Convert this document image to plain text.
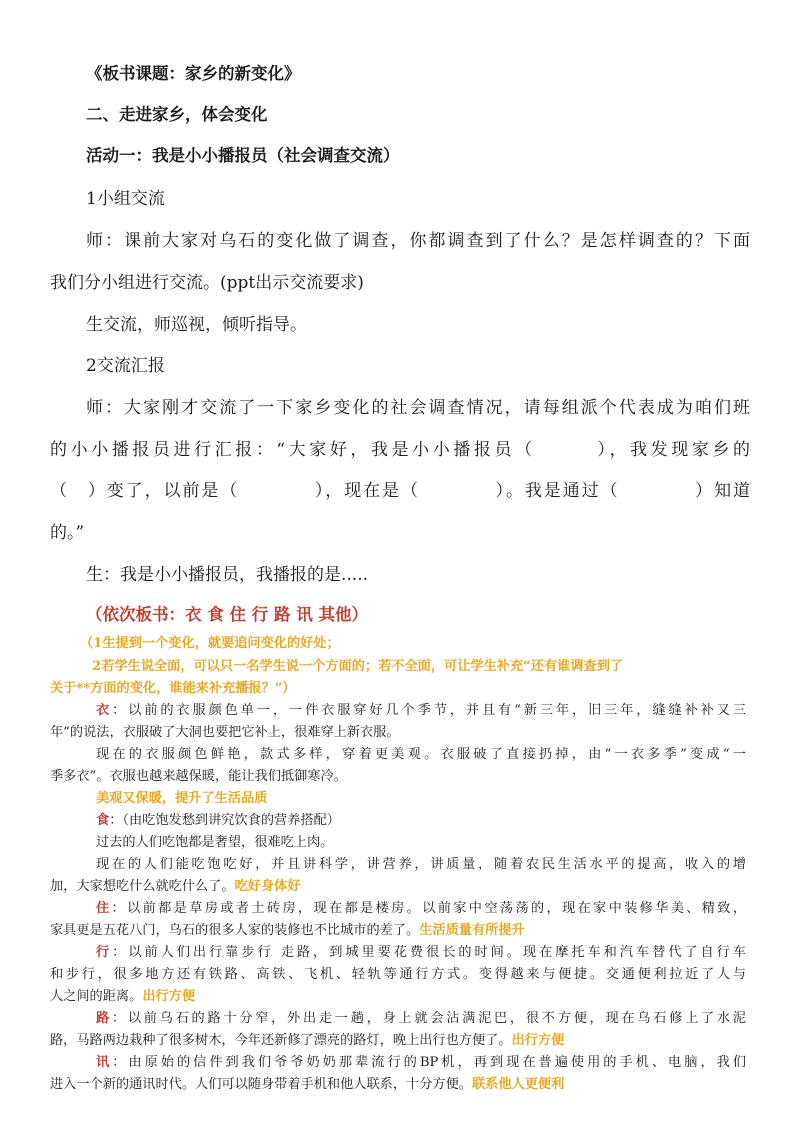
《板书课题：家乡的新变化》

二、走进家乡，体会变化

活动一：我是小小播报员（社会调查交流）

1小组交流

师：课前大家对乌石的变化做了调查，你都调查到了什么？是怎样调查的？下面

我们分小组进行交流。(ppt出示交流要求)

生交流，师巡视，倾听指导。

2交流汇报

师：大家刚才交流了一下家乡变化的社会调查情况，请每组派个代表成为咱们班

的小小播报员进行汇报：“大家好，我是小小播报员（　　　），我发现家乡的

（　）变了，以前是（　　　　），现在是（　　　　）。我是通过（　　　　）知道

的。”

生：我是小小播报员，我播报的是.....

（依次板书：衣 食 住 行 路 讯 其他）

（1生提到一个变化，就要追问变化的好处；

2若学生说全面，可以只一名学生说一个方面的；若不全面，可让学生补充“还有谁调查到了

关于**方面的变化，谁能来补充播报？”）

衣：以前的衣服颜色单一，一件衣服穿好几个季节，并且有“新三年，旧三年，缝缝补补又三

年”的说法，衣服破了大洞也要把它补上，很难穿上新衣服。

现在的衣服颜色鲜艳，款式多样，穿着更美观。衣服破了直接扔掉，由“一衣多季”变成“一

季多衣”。衣服也越来越保暖，能让我们抵御寒冷。

美观又保暖，提升了生活品质

食：（由吃饱发愁到讲究饮食的营养搭配）

过去的人们吃饱都是奢望，很难吃上肉。

现在的人们能吃饱吃好，并且讲科学，讲营养，讲质量，随着农民生活水平的提高，收入的增

加，大家想吃什么就吃什么了。吃好身体好

住：以前都是草房或者土砖房，现在都是楼房。以前家中空荡荡的，现在家中装修华美、精致，

家具更是五花八门，乌石的很多人家的装修也不比城市的差了。生活质量有所提升

行：以前人们出行靠步行 走路，到城里要花费很长的时间。现在摩托车和汽车替代了自行车

和步行，很多地方还有铁路、高铁、飞机、轻轨等通行方式。变得越来与便捷。交通便利拉近了人与

人之间的距离。出行方便

路：以前乌石的路十分窄，外出走一趟，身上就会沾满泥巴，很不方便，现在乌石修上了水泥

路，马路两边栽种了很多树木，今年还新修了漂亮的路灯，晚上出行也方便了。出行方便

讯：由原始的信件到我们爷爷奶奶那辈流行的BP机，再到现在普遍使用的手机、电脑，我们

进入一个新的通讯时代。人们可以随身带着手机和他人联系，十分方便。联系他人更便利
